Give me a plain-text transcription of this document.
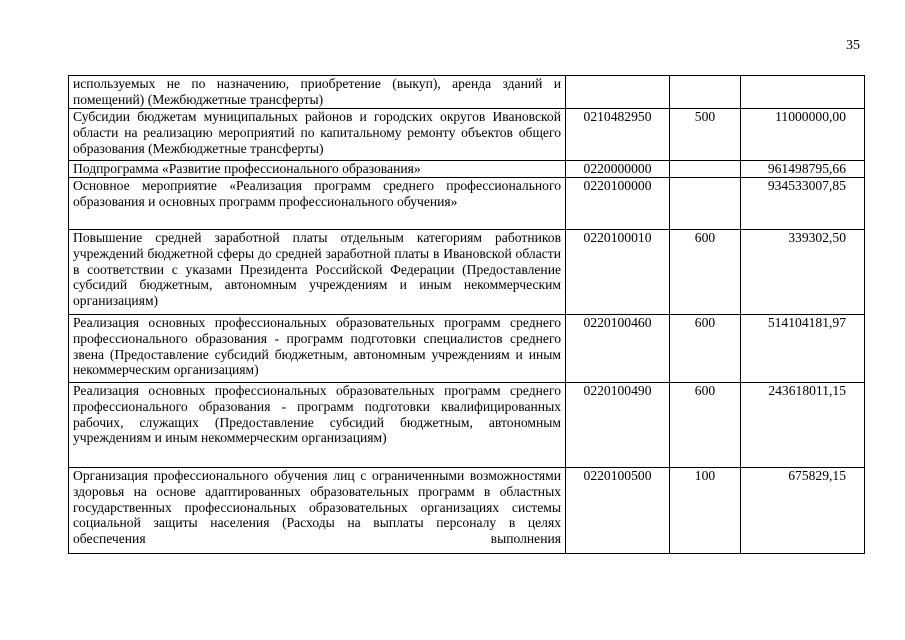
35
используемых не по назначению, приобретение (выкуп), аренда зданий и помещений) (Межбюджетные трансферты)			
Субсидии бюджетам муниципальных районов и городских округов Ивановской области на реализацию мероприятий по капитальному ремонту объектов общего образования (Межбюджетные трансферты)	0210482950	500	11000000,00
Подпрограмма «Развитие профессионального образования»	0220000000		961498795,66
Основное мероприятие «Реализация программ среднего профессионального образования и основных программ профессионального обучения»	0220100000		934533007,85
Повышение средней заработной платы отдельным категориям работников учреждений бюджетной сферы до средней заработной платы в Ивановской области в соответствии с указами Президента Российской Федерации (Предоставление субсидий бюджетным, автономным учреждениям и иным некоммерческим организациям)	0220100010	600	339302,50
Реализация основных профессиональных образовательных программ среднего профессионального образования - программ подготовки специалистов среднего звена (Предоставление субсидий бюджетным, автономным учреждениям и иным некоммерческим организациям)	0220100460	600	514104181,97
Реализация основных профессиональных образовательных программ среднего профессионального образования - программ подготовки квалифицированных рабочих, служащих (Предоставление субсидий бюджетным, автономным учреждениям и иным некоммерческим организациям)	0220100490	600	243618011,15
Организация профессионального обучения лиц с ограниченными возможностями здоровья на основе адаптированных образовательных программ в областных государственных профессиональных образовательных организациях системы социальной защиты населения (Расходы на выплаты персоналу в целях обеспечения выполнения	0220100500	100	675829,15
